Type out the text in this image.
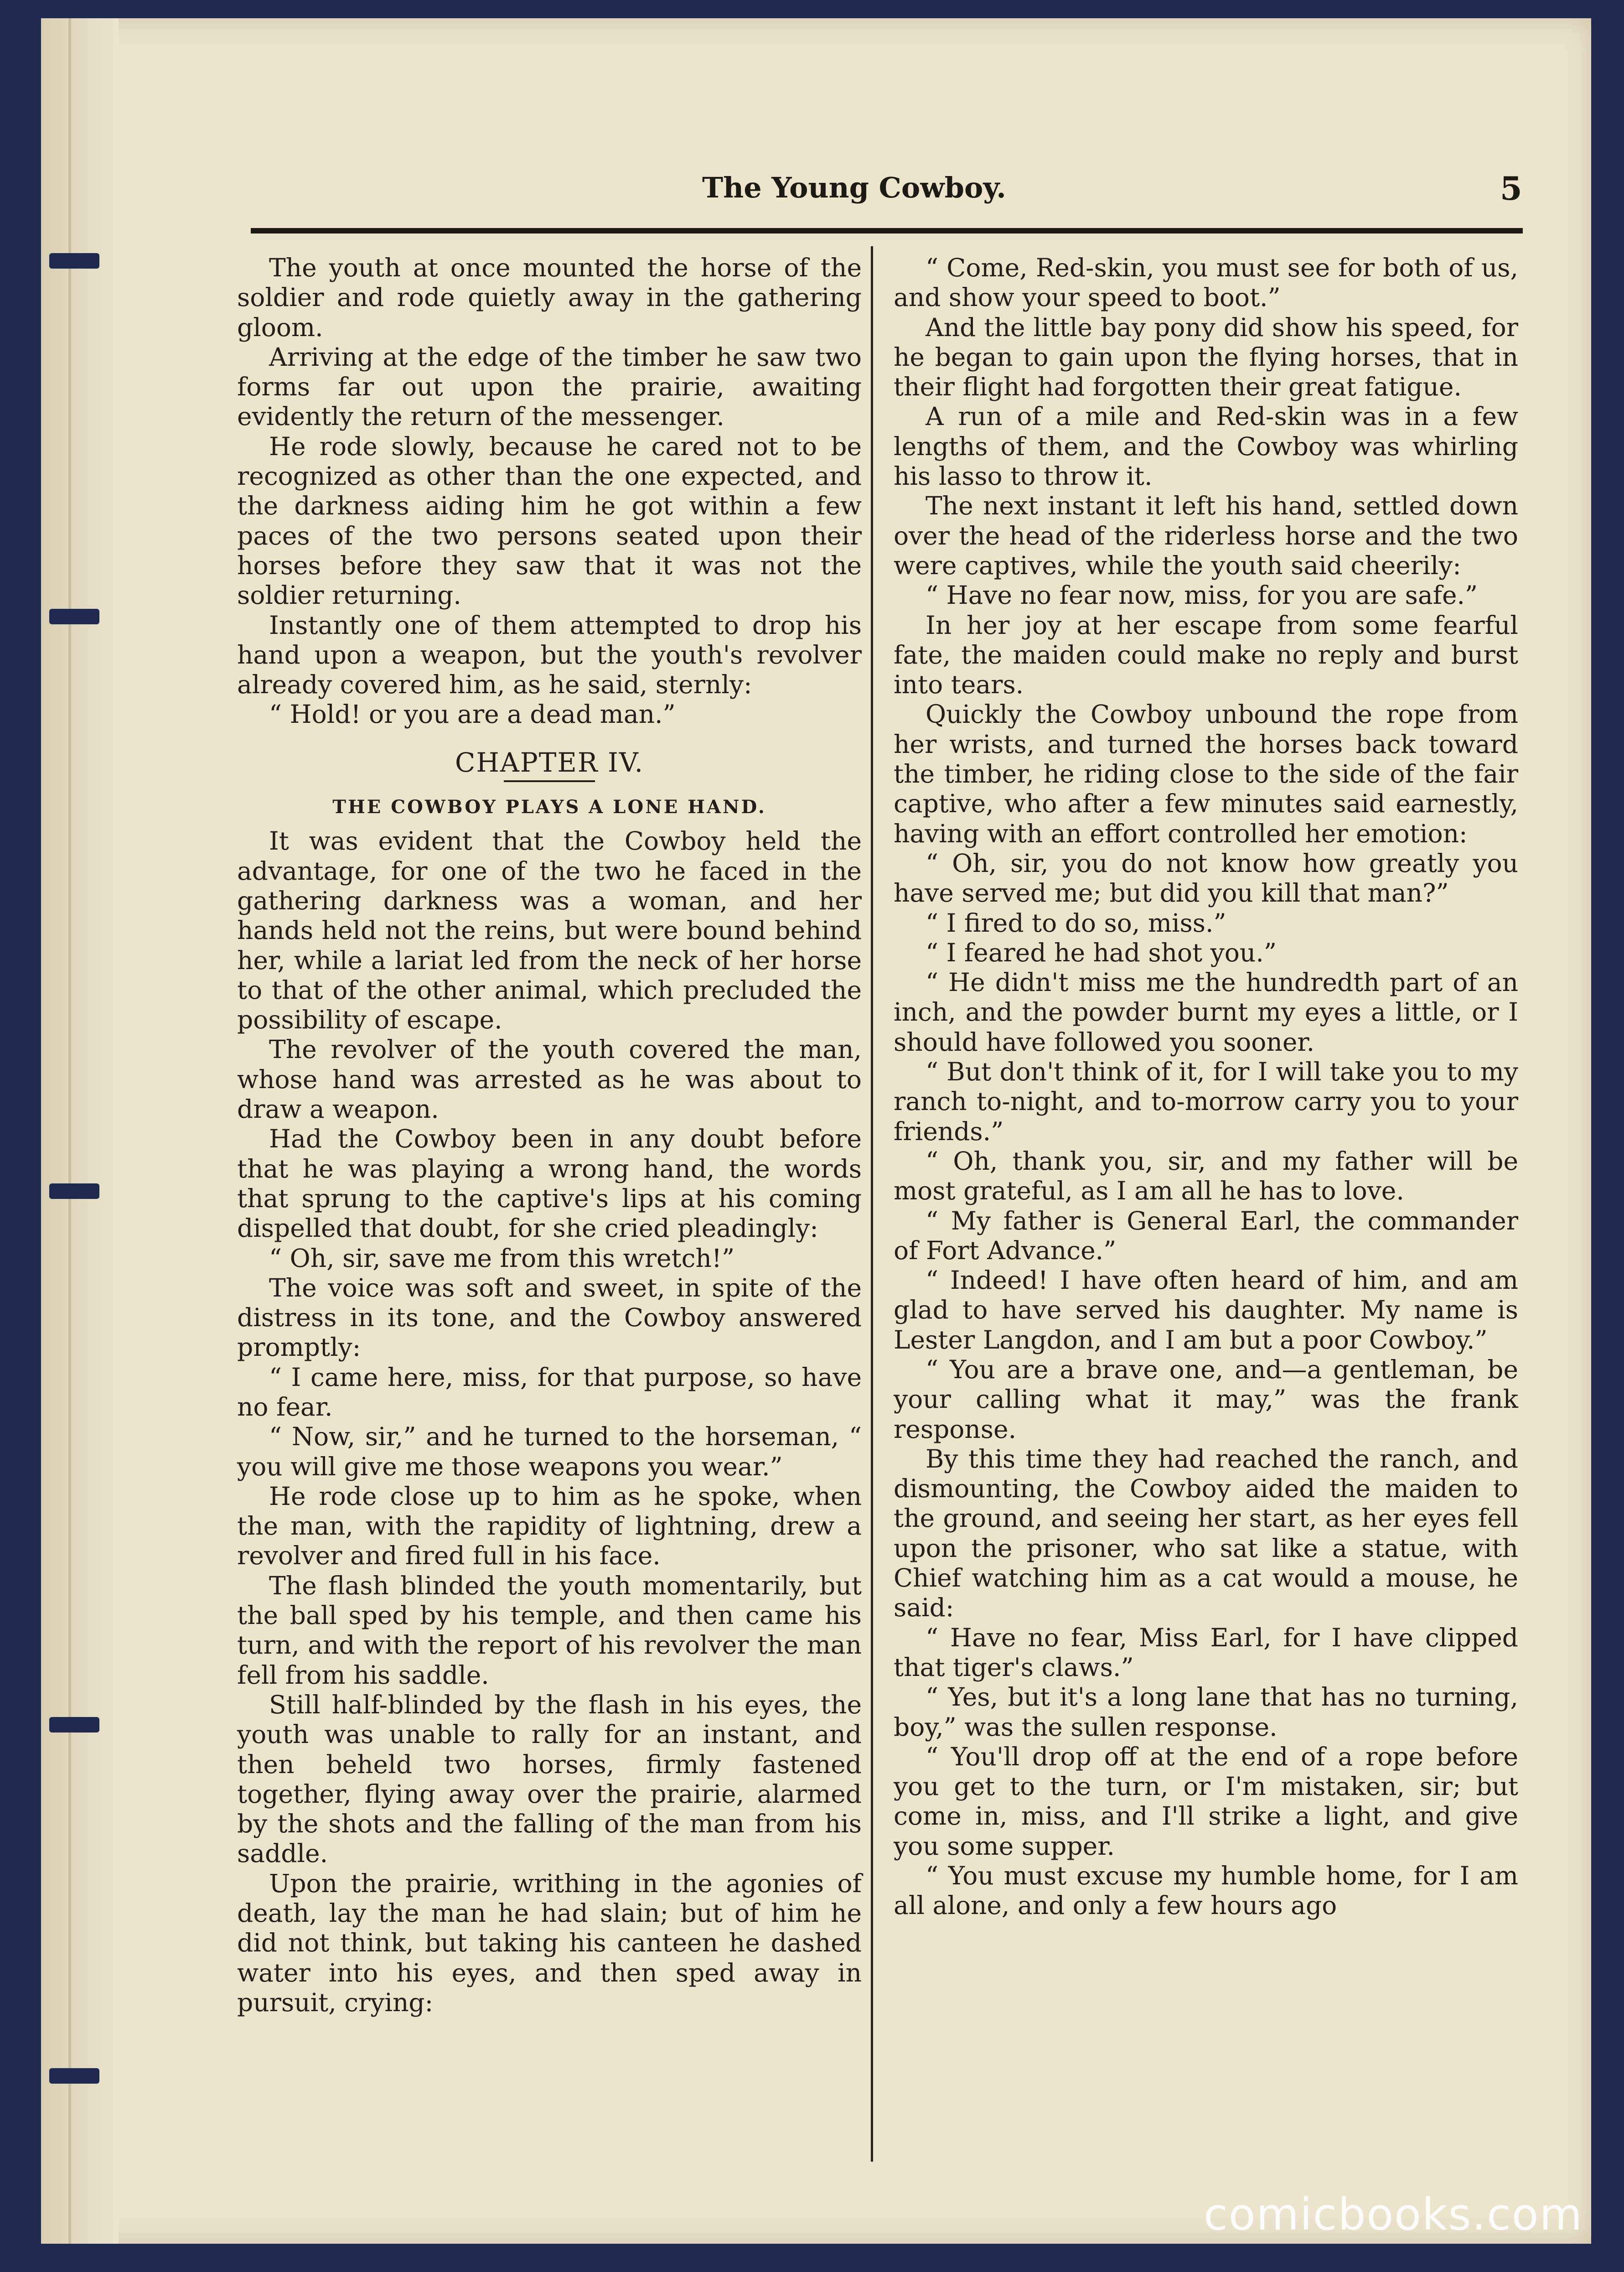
The Young Cowboy.	5

The youth at once mounted the horse of the soldier and rode quietly away in the gathering gloom.

Arriving at the edge of the timber he saw two forms far out upon the prairie, awaiting evidently the return of the messenger.

He rode slowly, because he cared not to be recognized as other than the one expected, and the darkness aiding him he got within a few paces of the two persons seated upon their horses before they saw that it was not the soldier returning.

Instantly one of them attempted to drop his hand upon a weapon, but the youth's revolver already covered him, as he said, sternly:

“ Hold! or you are a dead man.”

CHAPTER IV.
THE COWBOY PLAYS A LONE HAND.

It was evident that the Cowboy held the advantage, for one of the two he faced in the gathering darkness was a woman, and her hands held not the reins, but were bound behind her, while a lariat led from the neck of her horse to that of the other animal, which precluded the possibility of escape.

The revolver of the youth covered the man, whose hand was arrested as he was about to draw a weapon.

Had the Cowboy been in any doubt before that he was playing a wrong hand, the words that sprung to the captive's lips at his coming dispelled that doubt, for she cried pleadingly:

“ Oh, sir, save me from this wretch!”

The voice was soft and sweet, in spite of the distress in its tone, and the Cowboy answered promptly:

“ I came here, miss, for that purpose, so have no fear.

“ Now, sir,” and he turned to the horseman, “ you will give me those weapons you wear.”

He rode close up to him as he spoke, when the man, with the rapidity of lightning, drew a revolver and fired full in his face.

The flash blinded the youth momentarily, but the ball sped by his temple, and then came his turn, and with the report of his revolver the man fell from his saddle.

Still half-blinded by the flash in his eyes, the youth was unable to rally for an instant, and then beheld two horses, firmly fastened together, flying away over the prairie, alarmed by the shots and the falling of the man from his saddle.

Upon the prairie, writhing in the agonies of death, lay the man he had slain; but of him he did not think, but taking his canteen he dashed water into his eyes, and then sped away in pursuit, crying:

“ Come, Red-skin, you must see for both of us, and show your speed to boot.”

And the little bay pony did show his speed, for he began to gain upon the flying horses, that in their flight had forgotten their great fatigue.

A run of a mile and Red-skin was in a few lengths of them, and the Cowboy was whirling his lasso to throw it.

The next instant it left his hand, settled down over the head of the riderless horse and the two were captives, while the youth said cheerily:

“ Have no fear now, miss, for you are safe.”

In her joy at her escape from some fearful fate, the maiden could make no reply and burst into tears.

Quickly the Cowboy unbound the rope from her wrists, and turned the horses back toward the timber, he riding close to the side of the fair captive, who after a few minutes said earnestly, having with an effort controlled her emotion:

“ Oh, sir, you do not know how greatly you have served me; but did you kill that man?”

“ I fired to do so, miss.”

“ I feared he had shot you.”

“ He didn't miss me the hundredth part of an inch, and the powder burnt my eyes a little, or I should have followed you sooner.

“ But don't think of it, for I will take you to my ranch to-night, and to-morrow carry you to your friends.”

“ Oh, thank you, sir, and my father will be most grateful, as I am all he has to love.

“ My father is General Earl, the commander of Fort Advance.”

“ Indeed! I have often heard of him, and am glad to have served his daughter. My name is Lester Langdon, and I am but a poor Cowboy.”

“ You are a brave one, and—a gentleman, be your calling what it may,” was the frank response.

By this time they had reached the ranch, and dismounting, the Cowboy aided the maiden to the ground, and seeing her start, as her eyes fell upon the prisoner, who sat like a statue, with Chief watching him as a cat would a mouse, he said:

“ Have no fear, Miss Earl, for I have clipped that tiger's claws.”

“ Yes, but it's a long lane that has no turning, boy,” was the sullen response.

“ You'll drop off at the end of a rope before you get to the turn, or I'm mistaken, sir; but come in, miss, and I'll strike a light, and give you some supper.

“ You must excuse my humble home, for I am all alone, and only a few hours ago

comicbooks.com
